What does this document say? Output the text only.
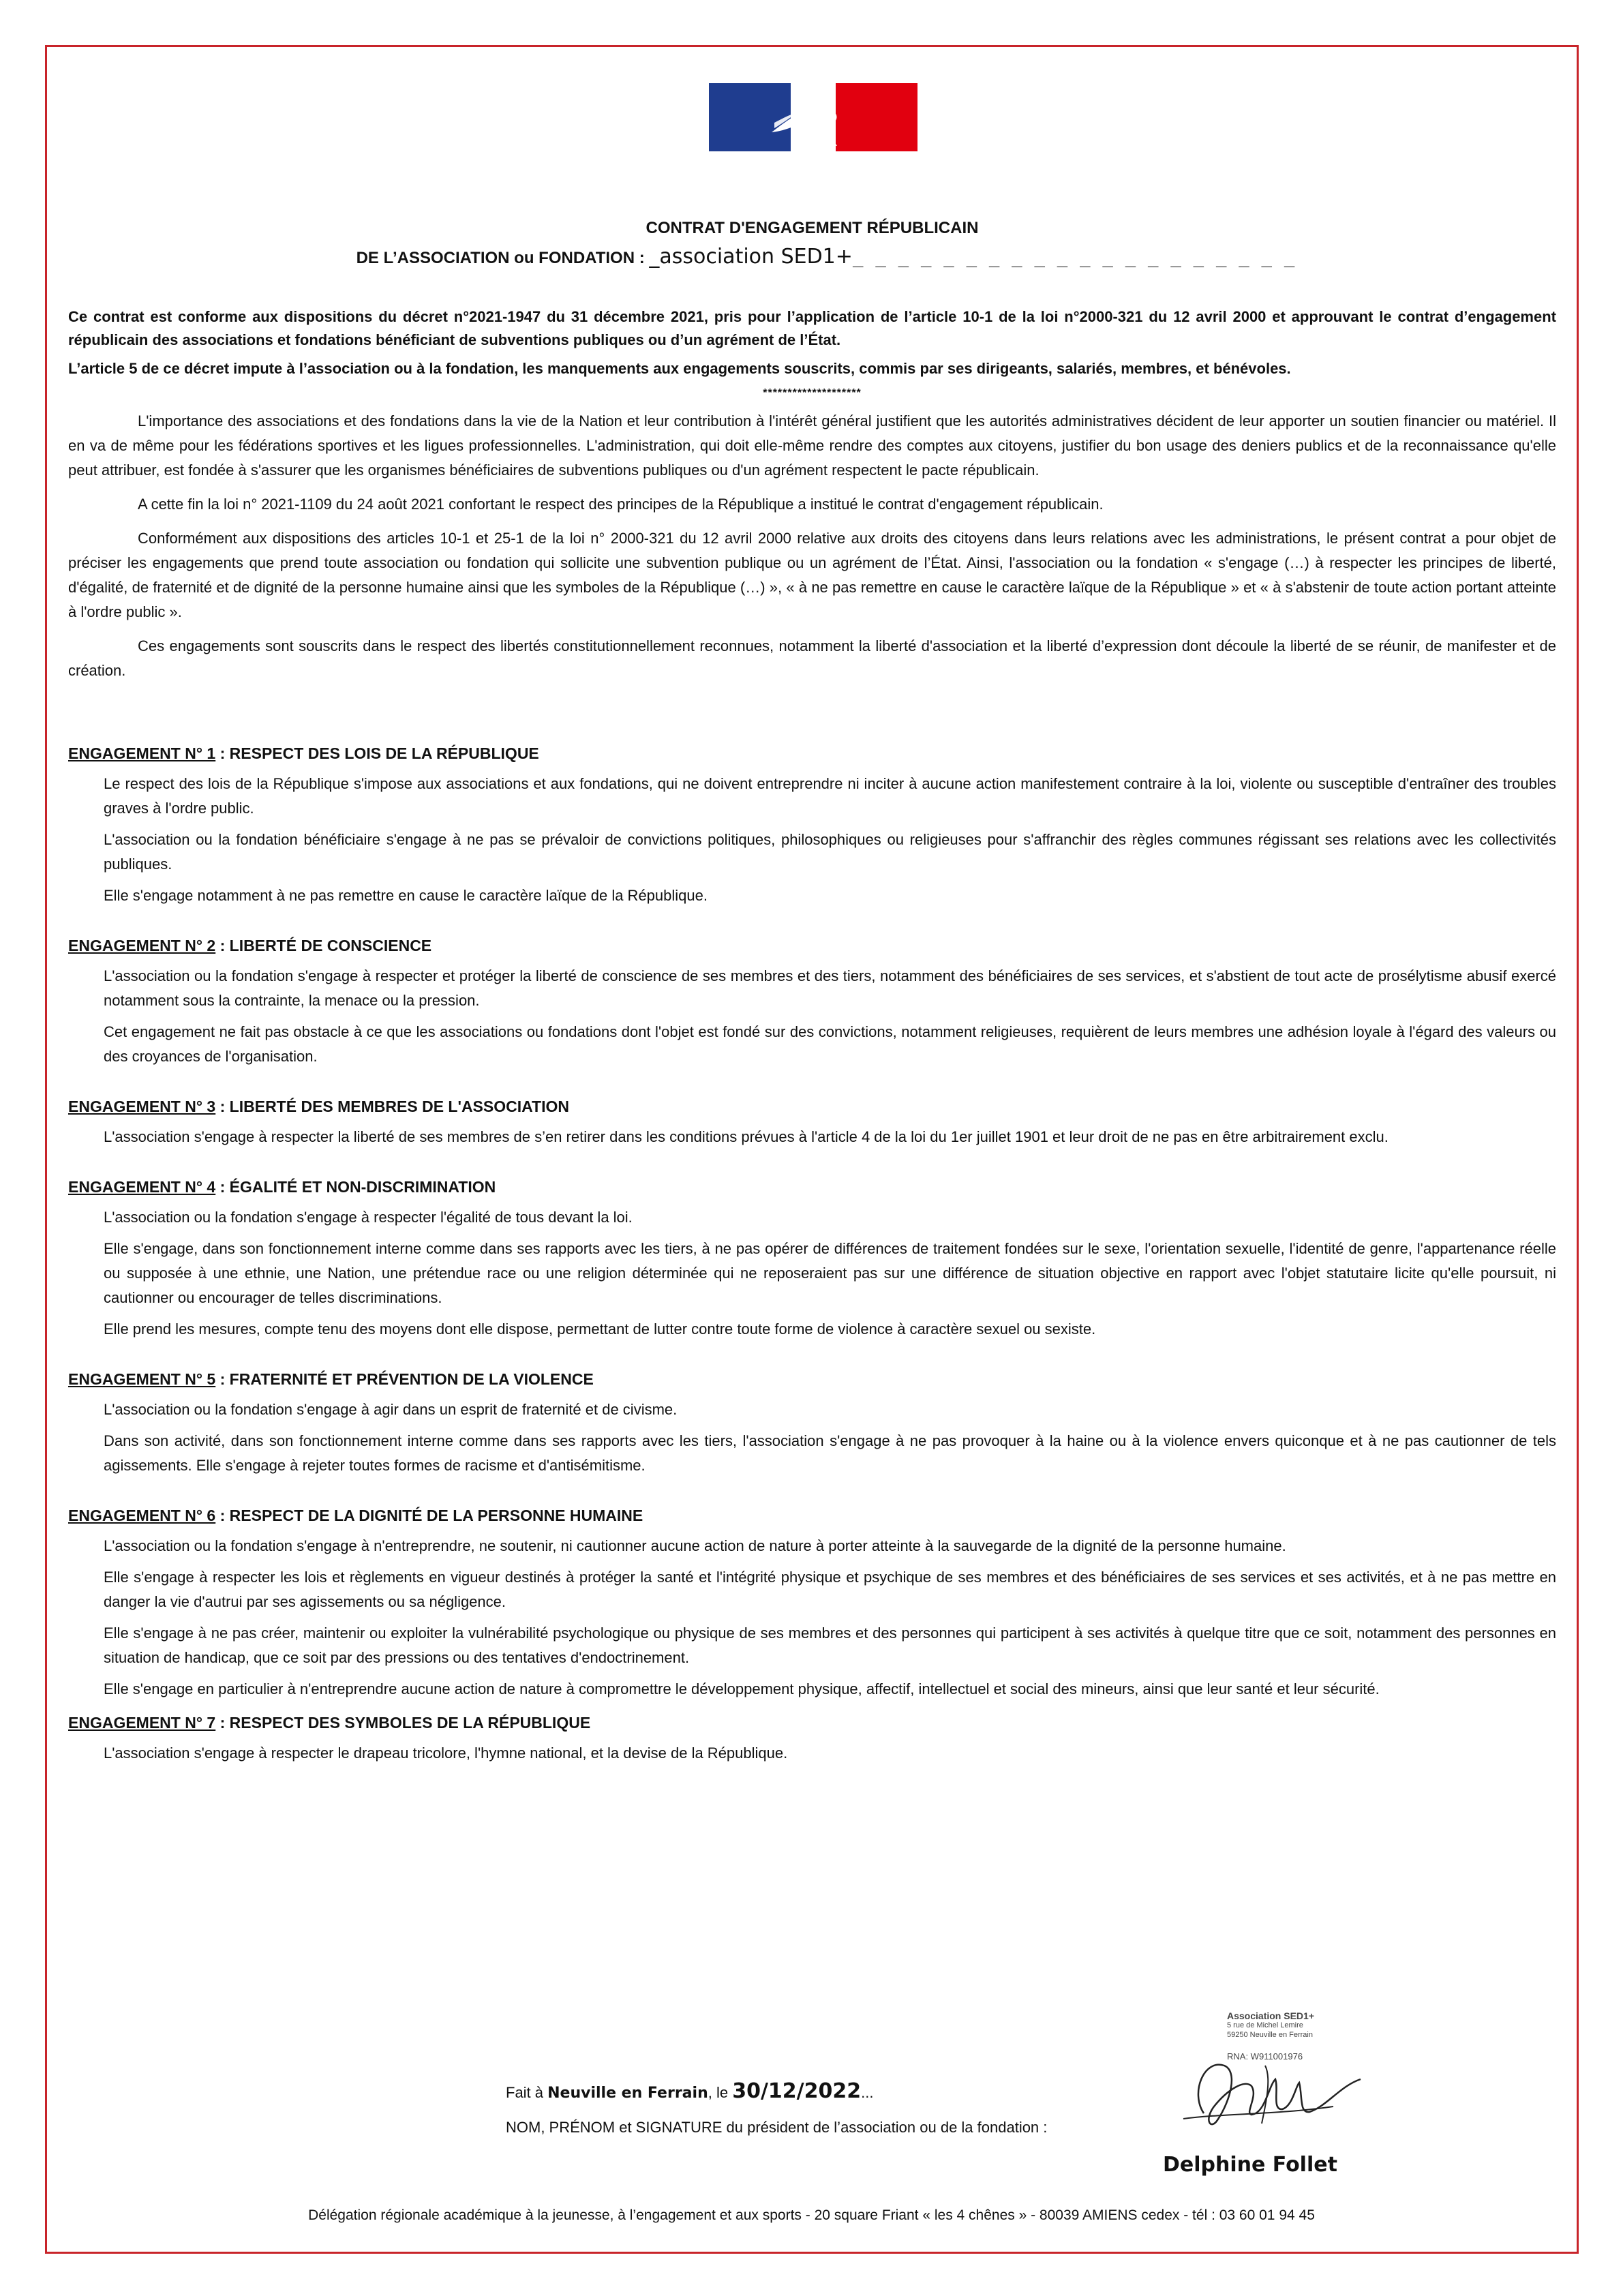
CONTRAT D'ENGAGEMENT RÉPUBLICAIN
DE L’ASSOCIATION ou FONDATION : _association SED1+_ _ _ _ _ _ _ _ _ _ _ _ _ _ _ _ _ _ _ _

Ce contrat est conforme aux dispositions du décret n°2021-1947 du 31 décembre 2021, pris pour l’application de l’article 10-1 de la loi n°2000-321 du 12 avril 2000 et approuvant le contrat d’engagement républicain des associations et fondations bénéficiant de subventions publiques ou d’un agrément de l’État.

L’article 5 de ce décret impute à l’association ou à la fondation, les manquements aux engagements souscrits, commis par ses dirigeants, salariés, membres, et bénévoles.

********************

L'importance des associations et des fondations dans la vie de la Nation et leur contribution à l'intérêt général justifient que les autorités administratives décident de leur apporter un soutien financier ou matériel. Il en va de même pour les fédérations sportives et les ligues professionnelles. L'administration, qui doit elle-même rendre des comptes aux citoyens, justifier du bon usage des deniers publics et de la reconnaissance qu'elle peut attribuer, est fondée à s'assurer que les organismes bénéficiaires de subventions publiques ou d'un agrément respectent le pacte républicain.

A cette fin la loi n° 2021-1109 du 24 août 2021 confortant le respect des principes de la République a institué le contrat d'engagement républicain.

Conformément aux dispositions des articles 10-1 et 25-1 de la loi n° 2000-321 du 12 avril 2000 relative aux droits des citoyens dans leurs relations avec les administrations, le présent contrat a pour objet de préciser les engagements que prend toute association ou fondation qui sollicite une subvention publique ou un agrément de l’État. Ainsi, l'association ou la fondation « s'engage (…) à respecter les principes de liberté, d'égalité, de fraternité et de dignité de la personne humaine ainsi que les symboles de la République (…) », « à ne pas remettre en cause le caractère laïque de la République » et « à s'abstenir de toute action portant atteinte à l'ordre public ».

Ces engagements sont souscrits dans le respect des libertés constitutionnellement reconnues, notamment la liberté d'association et la liberté d’expression dont découle la liberté de se réunir, de manifester et de création.

ENGAGEMENT N° 1 : RESPECT DES LOIS DE LA RÉPUBLIQUE

Le respect des lois de la République s'impose aux associations et aux fondations, qui ne doivent entreprendre ni inciter à aucune action manifestement contraire à la loi, violente ou susceptible d'entraîner des troubles graves à l'ordre public.

L'association ou la fondation bénéficiaire s'engage à ne pas se prévaloir de convictions politiques, philosophiques ou religieuses pour s'affranchir des règles communes régissant ses relations avec les collectivités publiques.

Elle s'engage notamment à ne pas remettre en cause le caractère laïque de la République.

ENGAGEMENT N° 2 : LIBERTÉ DE CONSCIENCE

L'association ou la fondation s'engage à respecter et protéger la liberté de conscience de ses membres et des tiers, notamment des bénéficiaires de ses services, et s'abstient de tout acte de prosélytisme abusif exercé notamment sous la contrainte, la menace ou la pression.

Cet engagement ne fait pas obstacle à ce que les associations ou fondations dont l'objet est fondé sur des convictions, notamment religieuses, requièrent de leurs membres une adhésion loyale à l'égard des valeurs ou des croyances de l'organisation.

ENGAGEMENT N° 3 : LIBERTÉ DES MEMBRES DE L'ASSOCIATION

L'association s'engage à respecter la liberté de ses membres de s’en retirer dans les conditions prévues à l'article 4 de la loi du 1er juillet 1901 et leur droit de ne pas en être arbitrairement exclu.

ENGAGEMENT N° 4 : ÉGALITÉ ET NON-DISCRIMINATION

L'association ou la fondation s'engage à respecter l'égalité de tous devant la loi.

Elle s'engage, dans son fonctionnement interne comme dans ses rapports avec les tiers, à ne pas opérer de différences de traitement fondées sur le sexe, l'orientation sexuelle, l'identité de genre, l'appartenance réelle ou supposée à une ethnie, une Nation, une prétendue race ou une religion déterminée qui ne reposeraient pas sur une différence de situation objective en rapport avec l'objet statutaire licite qu'elle poursuit, ni cautionner ou encourager de telles discriminations.

Elle prend les mesures, compte tenu des moyens dont elle dispose, permettant de lutter contre toute forme de violence à caractère sexuel ou sexiste.

ENGAGEMENT N° 5 : FRATERNITÉ ET PRÉVENTION DE LA VIOLENCE

L'association ou la fondation s'engage à agir dans un esprit de fraternité et de civisme.

Dans son activité, dans son fonctionnement interne comme dans ses rapports avec les tiers, l'association s'engage à ne pas provoquer à la haine ou à la violence envers quiconque et à ne pas cautionner de tels agissements. Elle s'engage à rejeter toutes formes de racisme et d'antisémitisme.

ENGAGEMENT N° 6 : RESPECT DE LA DIGNITÉ DE LA PERSONNE HUMAINE

L'association ou la fondation s'engage à n'entreprendre, ne soutenir, ni cautionner aucune action de nature à porter atteinte à la sauvegarde de la dignité de la personne humaine.

Elle s'engage à respecter les lois et règlements en vigueur destinés à protéger la santé et l'intégrité physique et psychique de ses membres et des bénéficiaires de ses services et ses activités, et à ne pas mettre en danger la vie d'autrui par ses agissements ou sa négligence.

Elle s'engage à ne pas créer, maintenir ou exploiter la vulnérabilité psychologique ou physique de ses membres et des personnes qui participent à ses activités à quelque titre que ce soit, notamment des personnes en situation de handicap, que ce soit par des pressions ou des tentatives d'endoctrinement.

Elle s'engage en particulier à n'entreprendre aucune action de nature à compromettre le développement physique, affectif, intellectuel et social des mineurs, ainsi que leur santé et leur sécurité.

ENGAGEMENT N° 7 : RESPECT DES SYMBOLES DE LA RÉPUBLIQUE

L'association s'engage à respecter le drapeau tricolore, l'hymne national, et la devise de la République.

Association SED1+
5 rue de Michel Lemire
59250 Neuville en Ferrain
RNA: W911001976
Fait à Neuville en Ferrain, le 30/12/2022...
NOM, PRÉNOM et SIGNATURE du président de l’association ou de la fondation :
Delphine Follet
Délégation régionale académique à la jeunesse, à l’engagement et aux sports - 20 square Friant « les 4 chênes » - 80039 AMIENS cedex - tél : 03 60 01 94 45
